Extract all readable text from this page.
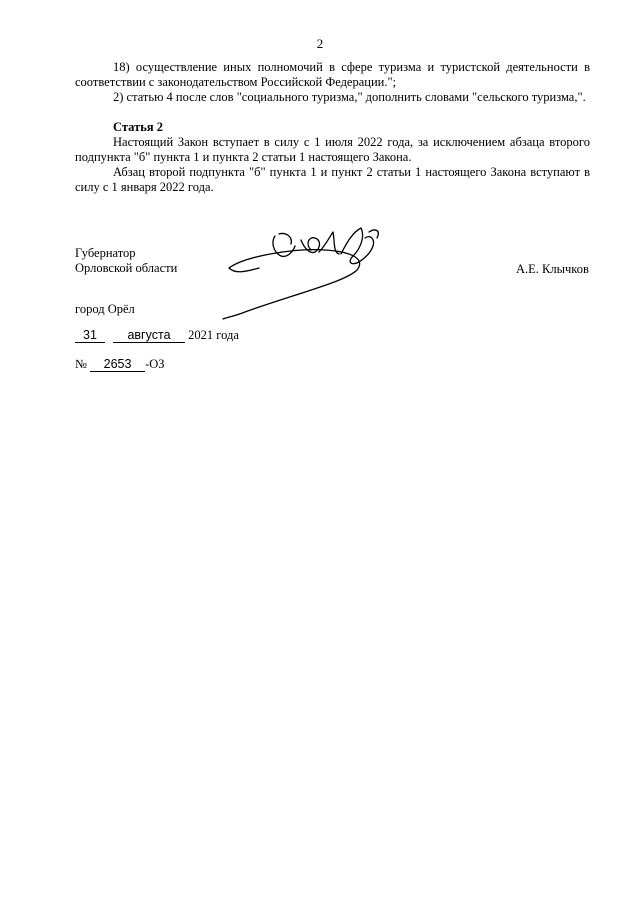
2

18) осуществление иных полномочий в сфере туризма и туристской деятельности в соответствии с законодательством Российской Федерации.";

2) статью 4 после слов "социального туризма," дополнить словами "сельского туризма,".

Статья 2

Настоящий Закон вступает в силу с 1 июля 2022 года, за исключением абзаца второго подпункта "б" пункта 1 и пункта 2 статьи 1 настоящего Закона.

Абзац второй подпункта "б" пункта 1 и пункт 2 статьи 1 настоящего Закона вступают в силу с 1 января 2022 года.

Губернатор
Орловской области	А.Е. Клычков
город Орёл
31 августа 2021 года
№ 2653 -ОЗ
